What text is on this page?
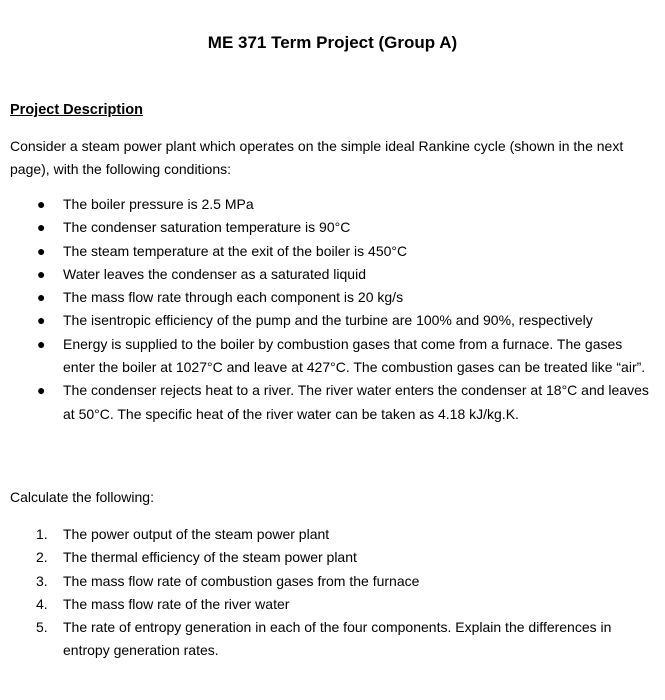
ME 371 Term Project (Group A)
Project Description
Consider a steam power plant which operates on the simple ideal Rankine cycle (shown in the next page), with the following conditions:
● The boiler pressure is 2.5 MPa
● The condenser saturation temperature is 90°C
● The steam temperature at the exit of the boiler is 450°C
● Water leaves the condenser as a saturated liquid
● The mass flow rate through each component is 20 kg/s
● The isentropic efficiency of the pump and the turbine are 100% and 90%, respectively
● Energy is supplied to the boiler by combustion gases that come from a furnace. The gases enter the boiler at 1027°C and leave at 427°C. The combustion gases can be treated like “air”.
● The condenser rejects heat to a river. The river water enters the condenser at 18°C and leaves at 50°C. The specific heat of the river water can be taken as 4.18 kJ/kg.K.
Calculate the following:
1. The power output of the steam power plant
2. The thermal efficiency of the steam power plant
3. The mass flow rate of combustion gases from the furnace
4. The mass flow rate of the river water
5. The rate of entropy generation in each of the four components. Explain the differences in entropy generation rates.
